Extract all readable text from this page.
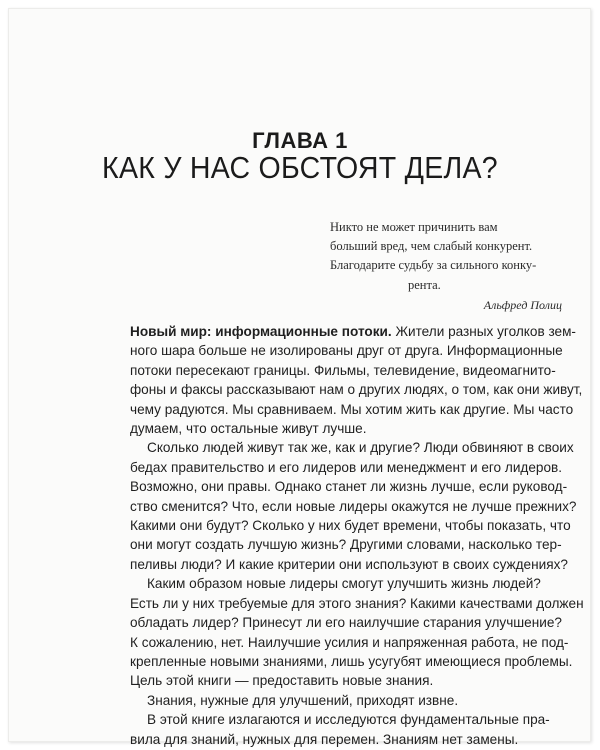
ГЛАВА 1
КАК У НАС ОБСТОЯТ ДЕЛА?
Никто не может причинить вам
больший вред, чем слабый конкурент.
Благодарите судьбу за сильного конку-
рента.
Альфред Полиц
Новый мир: информационные потоки. Жители разных уголков зем-
ного шара больше не изолированы друг от друга. Информационные
потоки пересекают границы. Фильмы, телевидение, видеомагнито-
фоны и факсы рассказывают нам о других людях, о том, как они живут,
чему радуются. Мы сравниваем. Мы хотим жить как другие. Мы часто
думаем, что остальные живут лучше.
Сколько людей живут так же, как и другие? Люди обвиняют в своих
бедах правительство и его лидеров или менеджмент и его лидеров.
Возможно, они правы. Однако станет ли жизнь лучше, если руковод-
ство сменится? Что, если новые лидеры окажутся не лучше прежних?
Какими они будут? Сколько у них будет времени, чтобы показать, что
они могут создать лучшую жизнь? Другими словами, насколько тер-
пеливы люди? И какие критерии они используют в своих суждениях?
Каким образом новые лидеры смогут улучшить жизнь людей?
Есть ли у них требуемые для этого знания? Какими качествами должен
обладать лидер? Принесут ли его наилучшие старания улучшение?
К сожалению, нет. Наилучшие усилия и напряженная работа, не под-
крепленные новыми знаниями, лишь усугубят имеющиеся проблемы.
Цель этой книги — предоставить новые знания.
Знания, нужные для улучшений, приходят извне.
В этой книге излагаются и исследуются фундаментальные пра-
вила для знаний, нужных для перемен. Знаниям нет замены.
